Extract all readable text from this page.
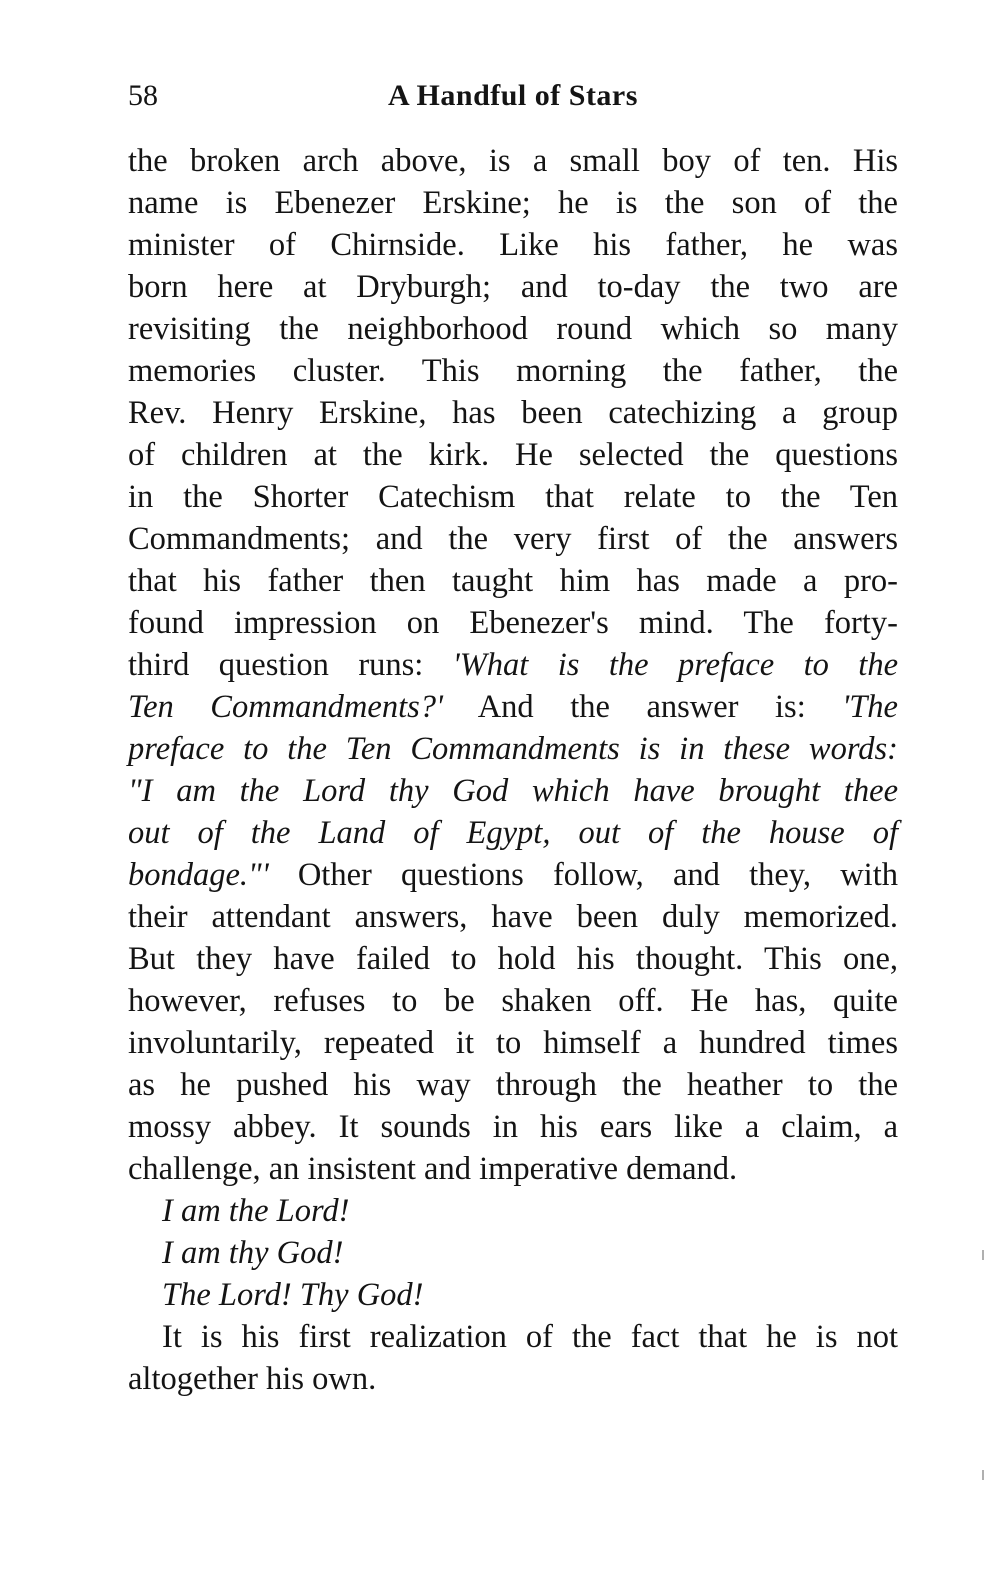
58	A Handful of Stars
the broken arch above, is a small boy of ten. His
name is Ebenezer Erskine; he is the son of the
minister of Chirnside. Like his father, he was
born here at Dryburgh; and to-day the two are
revisiting the neighborhood round which so many
memories cluster. This morning the father, the
Rev. Henry Erskine, has been catechizing a group
of children at the kirk. He selected the questions
in the Shorter Catechism that relate to the Ten
Commandments; and the very first of the answers
that his father then taught him has made a pro-
found impression on Ebenezer's mind. The forty-
third question runs: 'What is the preface to the
Ten Commandments?' And the answer is: 'The
preface to the Ten Commandments is in these words:
"I am the Lord thy God which have brought thee
out of the Land of Egypt, out of the house of
bondage."' Other questions follow, and they, with
their attendant answers, have been duly memorized.
But they have failed to hold his thought. This one,
however, refuses to be shaken off. He has, quite
involuntarily, repeated it to himself a hundred times
as he pushed his way through the heather to the
mossy abbey. It sounds in his ears like a claim, a
challenge, an insistent and imperative demand.
I am the Lord!
I am thy God!
The Lord! Thy God!
It is his first realization of the fact that he is not
altogether his own.
